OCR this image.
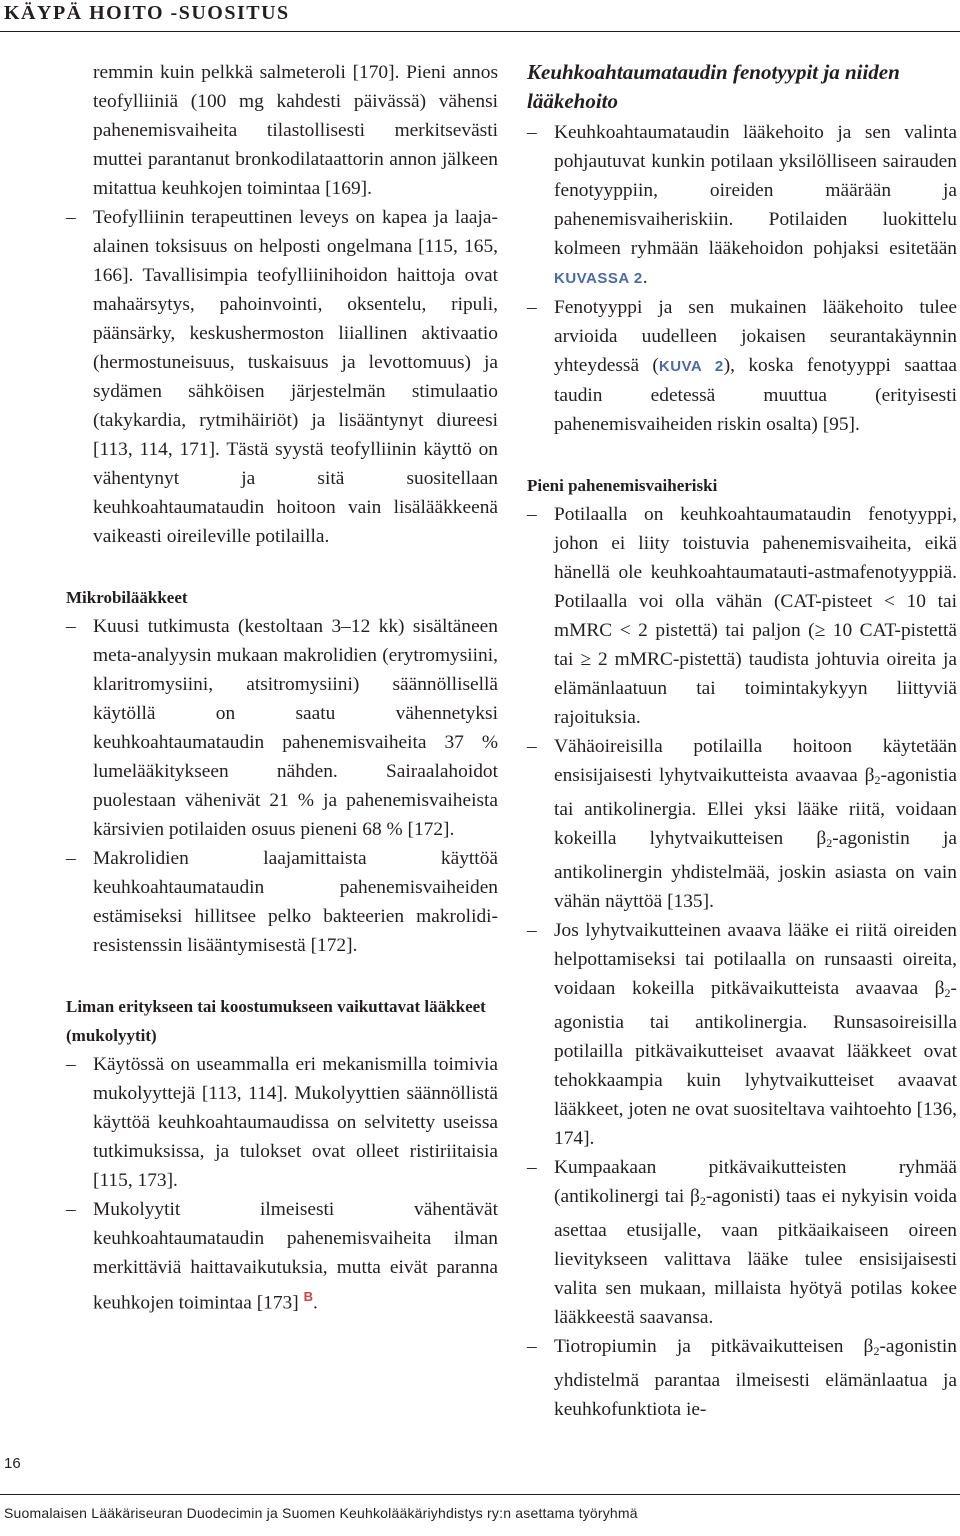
KÄYPÄ HOITO -SUOSITUS

remmin kuin pelkkä salmeteroli [170]. Pieni annos teofylliiniä (100 mg kahdesti päivässä) vähensi pahenemisvaiheita tilastollisesti merkitsevästi muttei parantanut bronkodilataattorin annon jälkeen mitattua keuhkojen toimintaa [169].

– Teofylliinin terapeuttinen leveys on kapea ja laaja-alainen toksisuus on helposti ongelmana [115, 165, 166]. Tavallisimpia teofylliinihoidon haittoja ovat mahaärsytys, pahoinvointi, oksentelu, ripuli, päänsärky, keskushermoston liiallinen aktivaatio (hermostuneisuus, tuskaisuus ja levottomuus) ja sydämen sähköisen järjestelmän stimulaatio (takykardia, rytmihäiriöt) ja lisääntynyt diureesi [113, 114, 171]. Tästä syystä teofylliinin käyttö on vähentynyt ja sitä suositellaan keuhkoahtaumataudin hoitoon vain lisälääkkeenä vaikeasti oireileville potilailla.

Mikrobilääkkeet

– Kuusi tutkimusta (kestoltaan 3–12 kk) sisältäneen meta-analyysin mukaan makrolidien (erytromysiini, klaritromysiini, atsitromysiini) säännöllisellä käytöllä on saatu vähennetyksi keuhkoahtaumataudin pahenemisvaiheita 37 % lumelääkitykseen nähden. Sairaalahoidot puolestaan vähenivät 21 % ja pahenemisvaiheista kärsivien potilaiden osuus pieneni 68 % [172].
– Makrolidien laajamittaista käyttöä keuhkoahtaumataudin pahenemisvaiheiden estämiseksi hillitsee pelko bakteerien makrolidi-resistenssin lisääntymisestä [172].

Liman eritykseen tai koostumukseen vaikuttavat lääkkeet (mukolyytit)

– Käytössä on useammalla eri mekanismilla toimivia mukolyyttejä [113, 114]. Mukolyyttien säännöllistä käyttöä keuhkoahtaumaudissa on selvitetty useissa tutkimuksissa, ja tulokset ovat olleet ristiriitaisia [115, 173].
– Mukolyytit ilmeisesti vähentävät keuhkoahtaumataudin pahenemisvaiheita ilman merkittäviä haittavaikutuksia, mutta eivät paranna keuhkojen toimintaa [173] $^B$.

Keuhkoahtaumataudin fenotyypit ja niiden lääkehoito

– Keuhkoahtaumataudin lääkehoito ja sen valinta pohjautuvat kunkin potilaan yksilölliseen sairauden fenotyyppiin, oireiden määrään ja pahenemisvaiheriskiin. Potilaiden luokittelu kolmeen ryhmään lääkehoidon pohjaksi esitetään KUVASSA 2.
– Fenotyyppi ja sen mukainen lääkehoito tulee arvioida uudelleen jokaisen seurantakäynnin yhteydessä (KUVA 2), koska fenotyyppi saattaa taudin edetessä muuttua (erityisesti pahenemisvaiheiden riskin osalta) [95].

Pieni pahenemisvaiheriski

– Potilaalla on keuhkoahtaumataudin fenotyyppi, johon ei liity toistuvia pahenemisvaiheita, eikä hänellä ole keuhkoahtaumatauti-astmafenotyyppiä. Potilaalla voi olla vähän (CAT-pisteet < 10 tai mMRC < 2 pistettä) tai paljon (≥ 10 CAT-pistettä tai ≥ 2 mMRC-pistettä) taudista johtuvia oireita ja elämänlaatuun tai toimintakykyyn liittyviä rajoituksia.
– Vähäoireisilla potilailla hoitoon käytetään ensisijaisesti lyhytvaikutteista avaavaa $\beta_2$-agonistia tai antikolinergia. Ellei yksi lääke riitä, voidaan kokeilla lyhytvaikutteisen $\beta_2$-agonistin ja antikolinergin yhdistelmää, joskin asiasta on vain vähän näyttöä [135].
– Jos lyhytvaikutteinen avaava lääke ei riitä oireiden helpottamiseksi tai potilaalla on runsaasti oireita, voidaan kokeilla pitkävaikutteista avaavaa $\beta_2$-agonistia tai antikolinergia. Runsasoireisilla potilailla pitkävaikutteiset avaavat lääkkeet ovat tehokkaampia kuin lyhytvaikutteiset avaavat lääkkeet, joten ne ovat suositeltava vaihtoehto [136, 174].
– Kumpaakaan pitkävaikutteisten ryhmää (antikolinergi tai $\beta_2-agonisti$) taas ei nykyisin voida asettaa etusijalle, vaan pitkäaikaiseen oireen lievitykseen valittava lääke tulee ensisijaisesti valita sen mukaan, millaista hyötyä potilas kokee lääkkeestä saavansa.
– Tiotropiumin ja pitkävaikutteisen $\beta_2$-agonistin yhdistelmä parantaa ilmeisesti elämänlaatua ja keuhkofunktiota ie-
16
Suomalaisen Lääkäriseuran Duodecimin ja Suomen Keuhkolääkäriyhdistys ry:n asettama työryhmä
